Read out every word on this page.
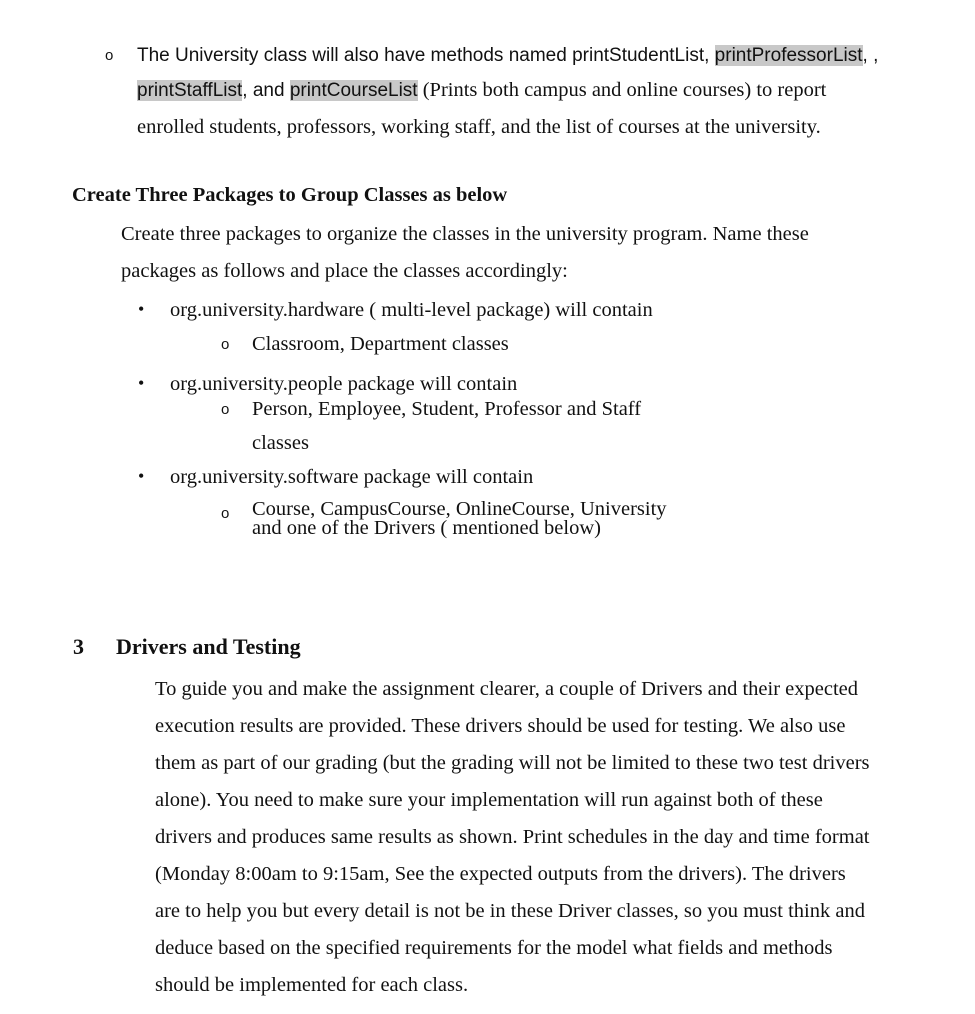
o The University class will also have methods named printStudentList, printProfessorList, ,
printStaffList, and printCourseList (Prints both campus and online courses) to report
enrolled students, professors, working staff, and the list of courses at the university.
Create Three Packages to Group Classes as below
Create three packages to organize the classes in the university program. Name these
packages as follows and place the classes accordingly:
• org.university.hardware ( multi-level package) will contain
o Classroom, Department classes
• org.university.people package will contain
o Person, Employee, Student, Professor and Staff
classes
• org.university.software package will contain
o Course, CampusCourse, OnlineCourse, University
and one of the Drivers ( mentioned below)
3 Drivers and Testing
To guide you and make the assignment clearer, a couple of Drivers and their expected
execution results are provided. These drivers should be used for testing. We also use
them as part of our grading (but the grading will not be limited to these two test drivers
alone). You need to make sure your implementation will run against both of these
drivers and produces same results as shown. Print schedules in the day and time format
(Monday 8:00am to 9:15am, See the expected outputs from the drivers). The drivers
are to help you but every detail is not be in these Driver classes, so you must think and
deduce based on the specified requirements for the model what fields and methods
should be implemented for each class.
